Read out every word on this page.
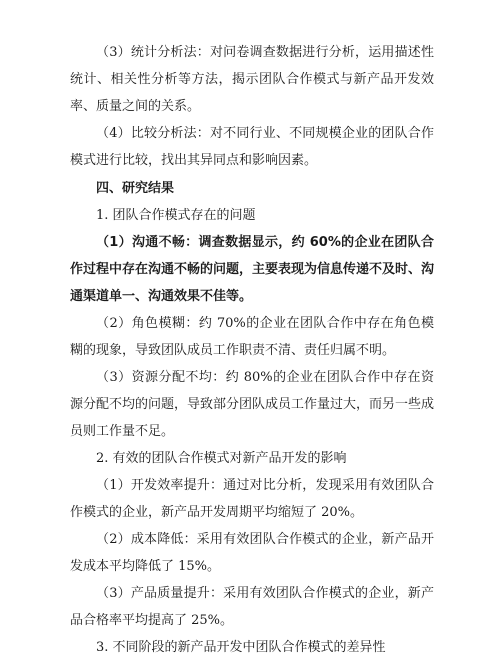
（3）统计分析法：对问卷调查数据进行分析，运用描述性统计、相关性分析等方法，揭示团队合作模式与新产品开发效率、质量之间的关系。

（4）比较分析法：对不同行业、不同规模企业的团队合作模式进行比较，找出其异同点和影响因素。

四、研究结果

1. 团队合作模式存在的问题

（1）沟通不畅：调查数据显示，约 60%的企业在团队合作过程中存在沟通不畅的问题，主要表现为信息传递不及时、沟通渠道单一、沟通效果不佳等。

（2）角色模糊：约 70%的企业在团队合作中存在角色模糊的现象，导致团队成员工作职责不清、责任归属不明。

（3）资源分配不均：约 80%的企业在团队合作中存在资源分配不均的问题，导致部分团队成员工作量过大，而另一些成员则工作量不足。

2. 有效的团队合作模式对新产品开发的影响

（1）开发效率提升：通过对比分析，发现采用有效团队合作模式的企业，新产品开发周期平均缩短了 20%。

（2）成本降低：采用有效团队合作模式的企业，新产品开发成本平均降低了 15%。

（3）产品质量提升：采用有效团队合作模式的企业，新产品合格率平均提高了 25%。

3. 不同阶段的新产品开发中团队合作模式的差异性
